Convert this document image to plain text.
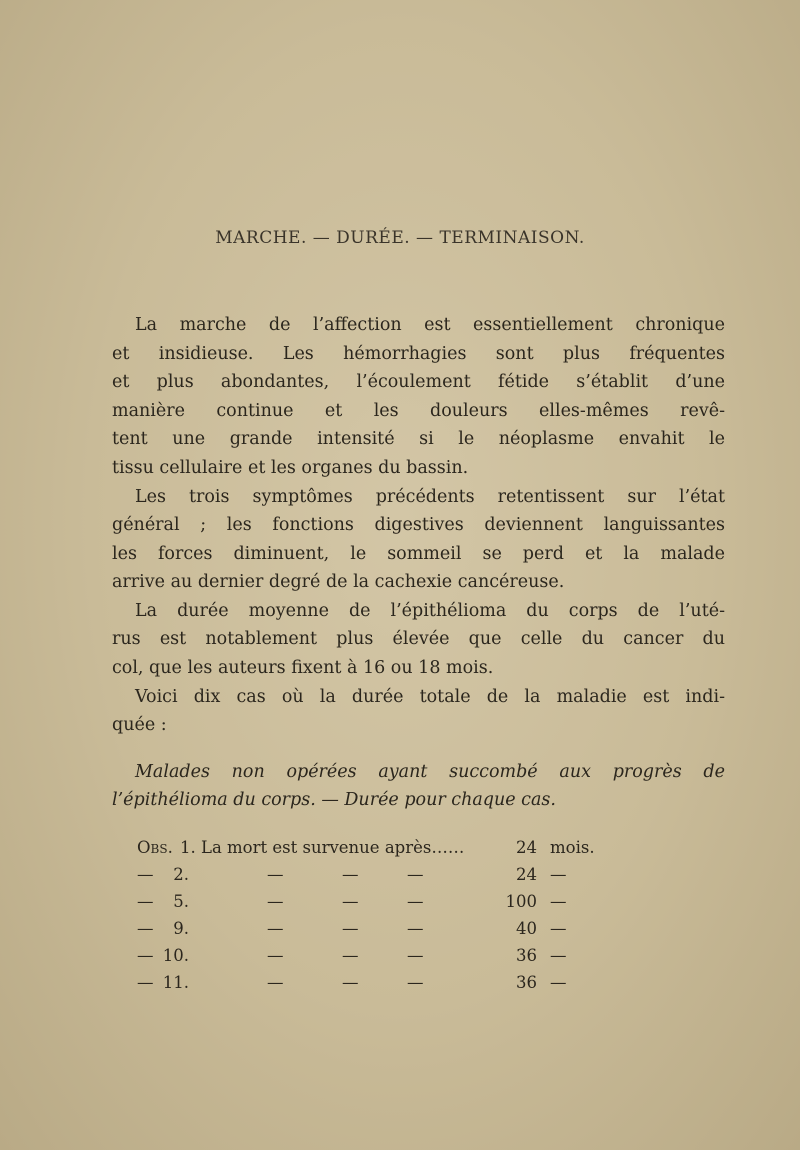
MARCHE. — DURÉE. — TERMINAISON.
La marche de l’affection est essentiellement chronique
et insidieuse. Les hémorrhagies sont plus fréquentes
et plus abondantes, l’écoulement fétide s’établit d’une
manière continue et les douleurs elles-mêmes revê-
tent une grande intensité si le néoplasme envahit le
tissu cellulaire et les organes du bassin.
Les trois symptômes précédents retentissent sur l’état
général ; les fonctions digestives deviennent languissantes
les forces diminuent, le sommeil se perd et la malade
arrive au dernier degré de la cachexie cancéreuse.
La durée moyenne de l’épithélioma du corps de l’uté-
rus est notablement plus élevée que celle du cancer du
col, que les auteurs fixent à 16 ou 18 mois.
Voici dix cas où la durée totale de la maladie est indi-
quée :
Malades non opérées ayant succombé aux progrès de
l’épithélioma du corps. — Durée pour chaque cas.
Obs. 1. La mort est survenue après……	24 mois.
—	2.	—	—	—	24 —
—	5.	—	—	—	100 —
—	9.	—	—	—	40 —
— 10.	—	—	—	36 —
— 11.	—	—	—	36 —
